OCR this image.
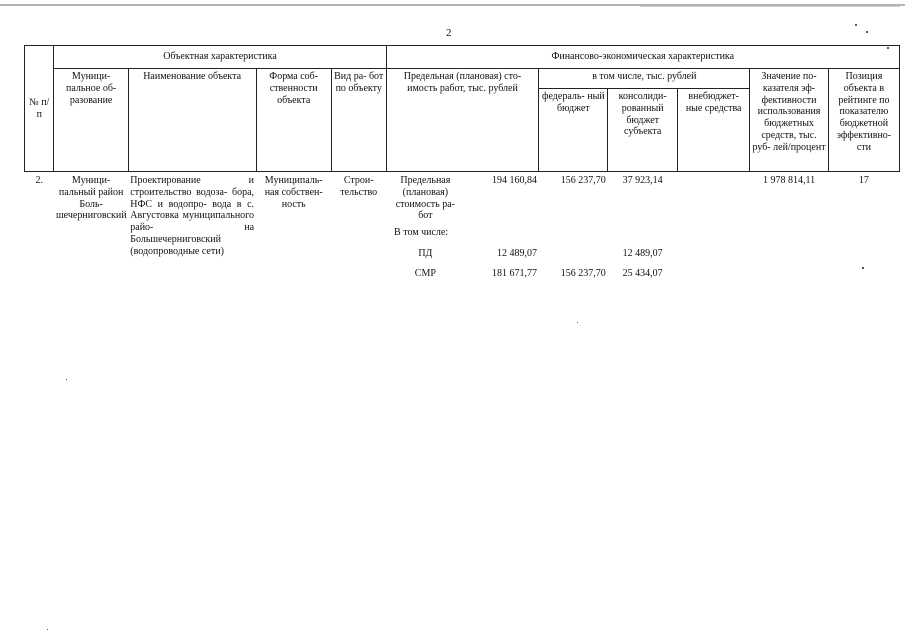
2
№ п/п	Объектная характеристика				Финансово-экономическая характеристика						
	Муници- пальное об- разование	Наименование объекта	Форма соб- ственности объекта	Вид ра- бот по объекту	Предельная (плановая) сто- имость работ, тыс. рублей		в том числе, тыс. рублей			Значение по- казателя эф- фективности использования бюджетных средств, тыс. руб- лей/процент	Позиция объекта в рейтинге по показателю бюджетной эффективно- сти
							федераль- ный бюджет	консолиди- рованный бюджет субъекта	внебюджет- ные средства		
2.	Муници- пальный район Боль- шечерниговский	Проектирование и строительство водоза- бора, НФС и водопро- вода в с. Августовка муниципального райо- на Большечерниговский (водопроводные сети)	Муниципаль- ная собствен- ность	Строи- тельство	Предельная (плановая) стоимость ра- бот	194 160,84	156 237,70	37 923,14		1 978 814,11	17
					В том числе:						
					ПД	12 489,07		12 489,07			
					СМР	181 671,77	156 237,70	25 434,07			
